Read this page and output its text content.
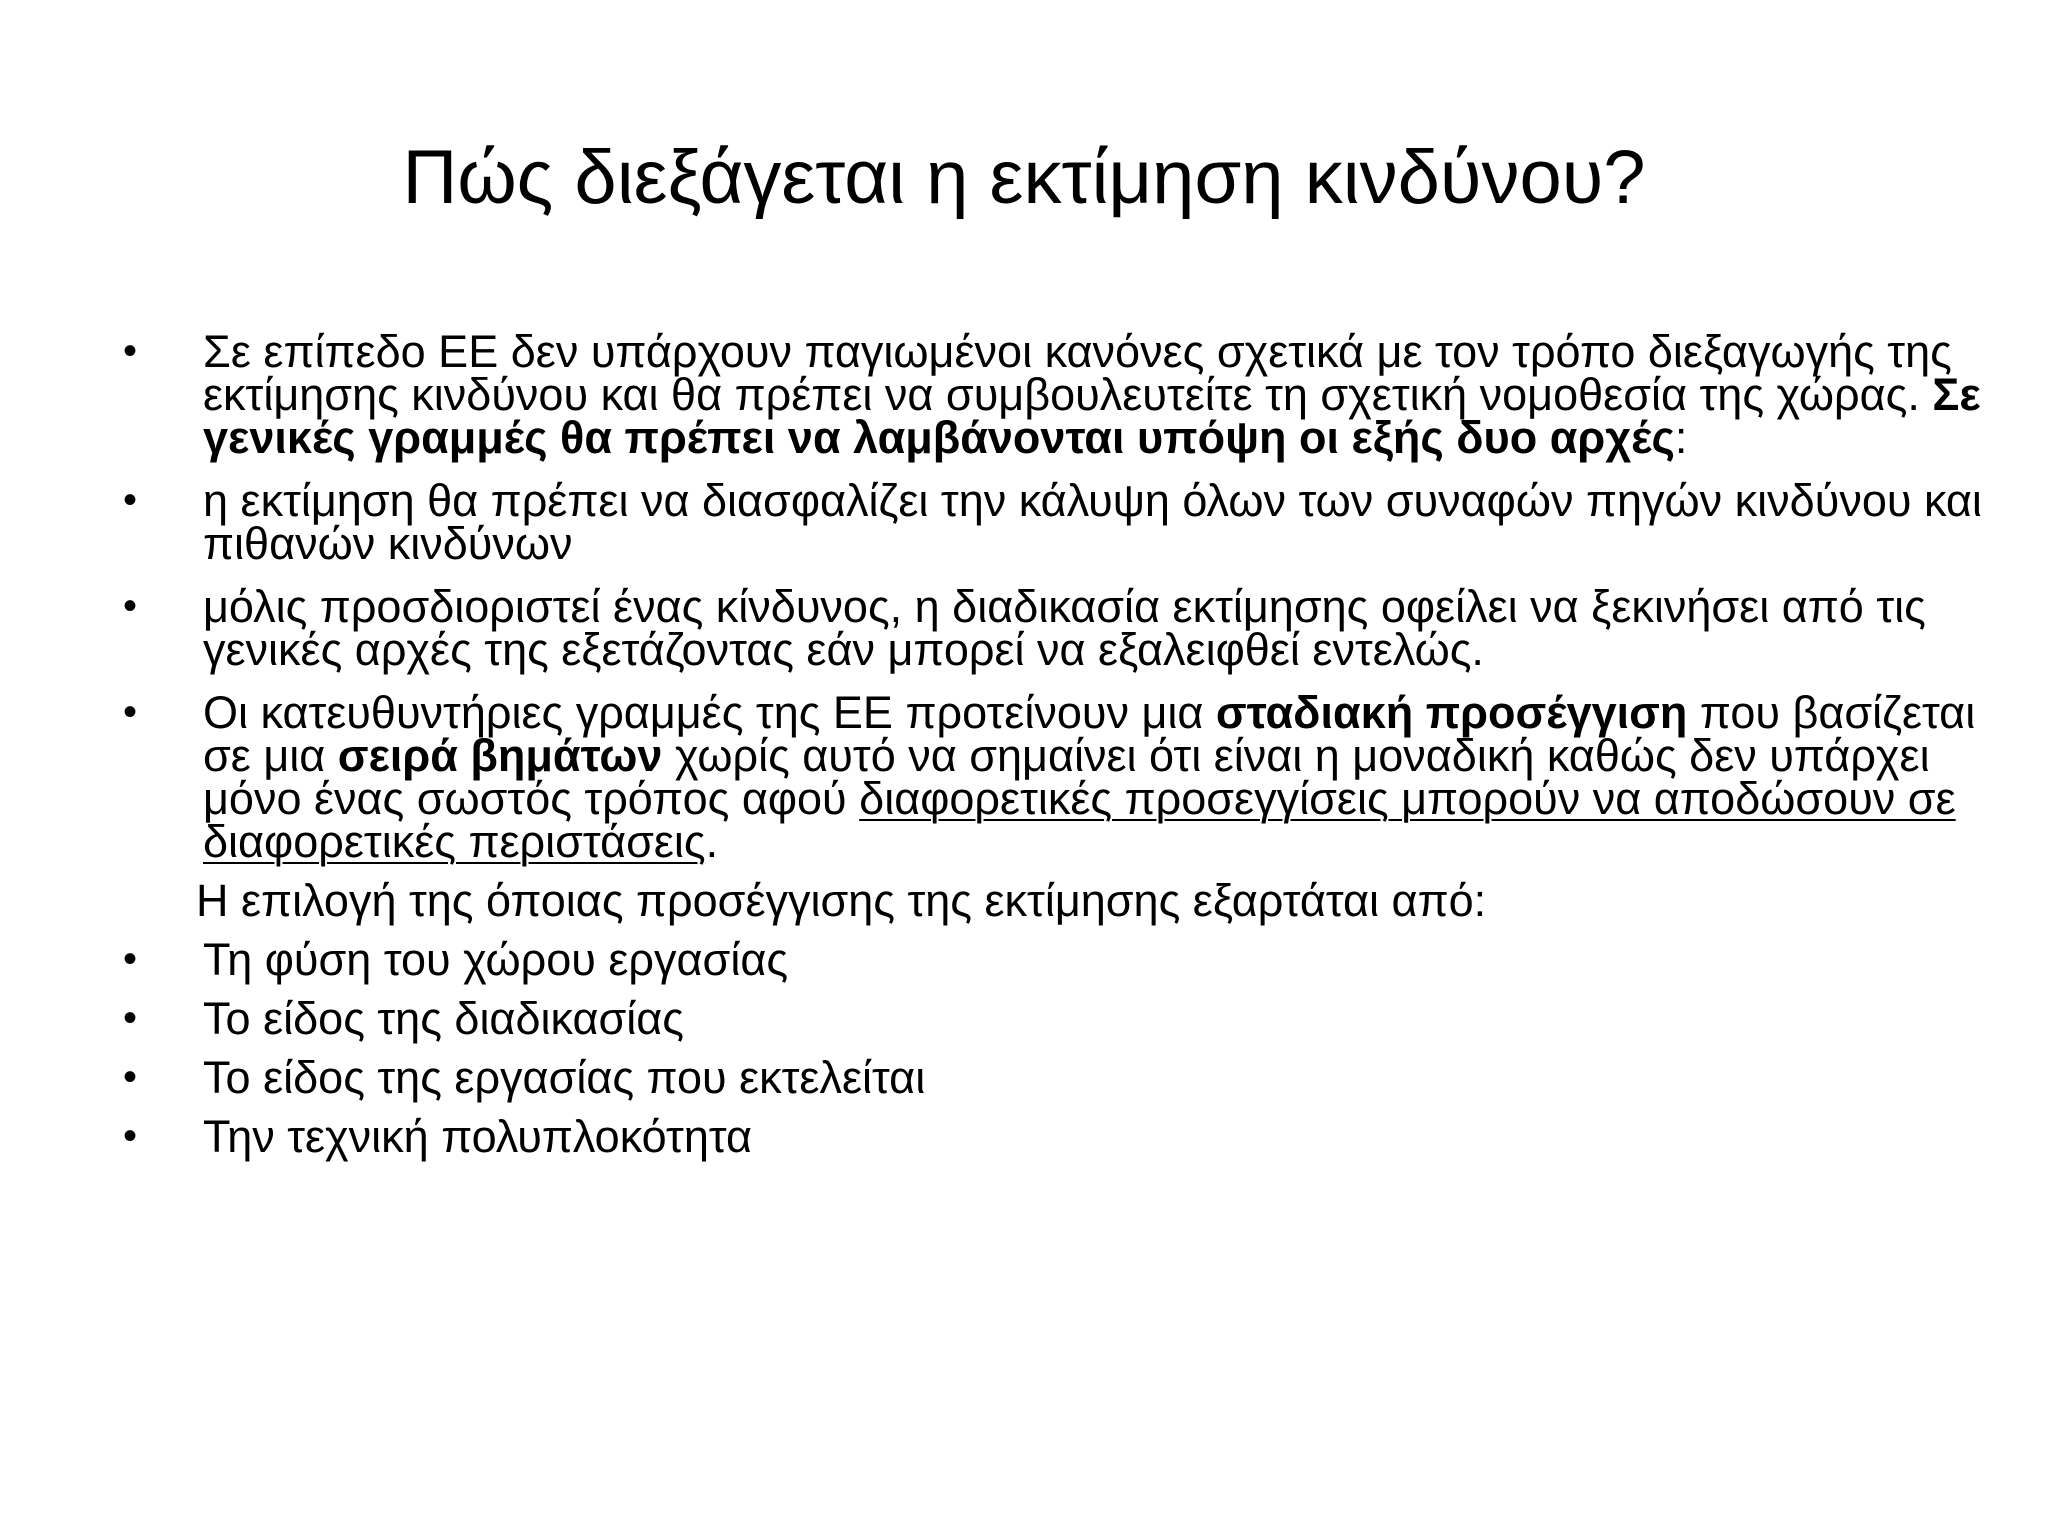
Πώς διεξάγεται η εκτίμηση κινδύνου?
• Σε επίπεδο ΕΕ δεν υπάρχουν παγιωμένοι κανόνες σχετικά με τον τρόπο διεξαγωγής της εκτίμησης κινδύνου και θα πρέπει να συμβουλευτείτε τη σχετική νομοθεσία της χώρας. Σε γενικές γραμμές θα πρέπει να λαμβάνονται υπόψη οι εξής δυο αρχές:
• η εκτίμηση θα πρέπει να διασφαλίζει την κάλυψη όλων των συναφών πηγών κινδύνου και πιθανών κινδύνων
• μόλις προσδιοριστεί ένας κίνδυνος, η διαδικασία εκτίμησης οφείλει να ξεκινήσει από τις γενικές αρχές της εξετάζοντας εάν μπορεί να εξαλειφθεί εντελώς.
• Οι κατευθυντήριες γραμμές της ΕΕ προτείνουν μια σταδιακή προσέγγιση που βασίζεται σε μια σειρά βημάτων χωρίς αυτό να σημαίνει ότι είναι η μοναδική καθώς δεν υπάρχει μόνο ένας σωστός τρόπος αφού διαφορετικές προσεγγίσεις μπορούν να αποδώσουν σε διαφορετικές περιστάσεις.
Η επιλογή της όποιας προσέγγισης της εκτίμησης εξαρτάται από:
• Τη φύση του χώρου εργασίας
• Το είδος της διαδικασίας
• Το είδος της εργασίας που εκτελείται
• Την τεχνική πολυπλοκότητα
